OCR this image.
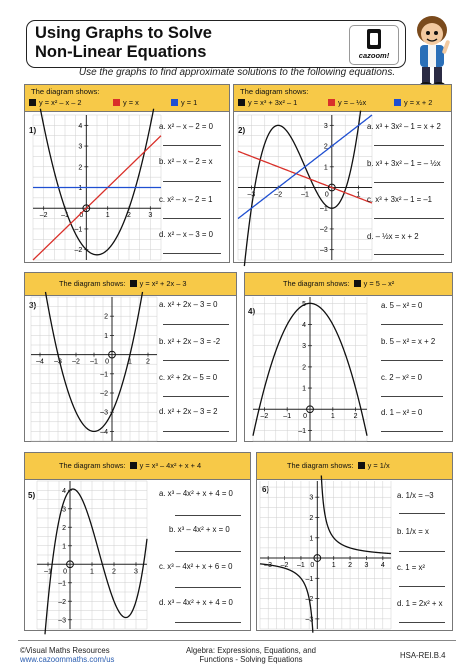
Using Graphs to Solve
Non-Linear Equations	cazoom!
Use the graphs to find approximate solutions to the following equations.
The diagram shows:
y = x² – x – 2	y = x	y = 1
1)
–2 –1	1 2 3
4
3
2
1
–1
–2
0
a. x² – x – 2 = 0
b. x² – x – 2 = x
c. x² – x – 2 = 1
d. x² – x – 3 = 0
The diagram shows:
y = x³ + 3x² – 1	y = – ½x	y = x + 2
2)
–3	–2	–1	1
3
2
1
–1
–2
–3
0
a. x³ + 3x² – 1 = x + 2
b. x³ + 3x² – 1 = – ½x
c. x³ + 3x² – 1 = –1
d. – ½x = x + 2
The diagram shows: y = x² + 2x – 3
3)
–4 –3 –2 –1	1 2
2
1
–1
–2
–3
–4
0
a. x² + 2x – 3 = 0
b. x² + 2x – 3 = -2
c. x² + 2x – 5 = 0
d. x² + 2x – 3 = 2
The diagram shows: y = 5 – x²
4)
–2 –1	1	2
5
4
3
2
1
–1
0
a. 5 – x² = 0
b. 5 – x² = x + 2
c. 2 – x² = 0
d. 1 – x² = 0
The diagram shows: y = x³ – 4x² + x + 4
5)
–1	1	2	3
4
3
2
1
–1
–2
–3
0
a. x³ – 4x² + x + 4 = 0
b. x³ – 4x² + x = 0
c. x³ – 4x² + x + 6 = 0
d. x³ – 4x² + x + 4 = 0
The diagram shows: y = 1/x
6)
–3 –2 –1	1 2 3 4
3
2
1
–1
–2
–3
0
a. 1/x = –3
b. 1/x = x
c. 1 = x²
d. 1 = 2x² + x
©Visual Maths Resources
www.cazoommaths.com/us
Algebra: Expressions, Equations, and
Functions - Solving Equations	HSA-REI.B.4
